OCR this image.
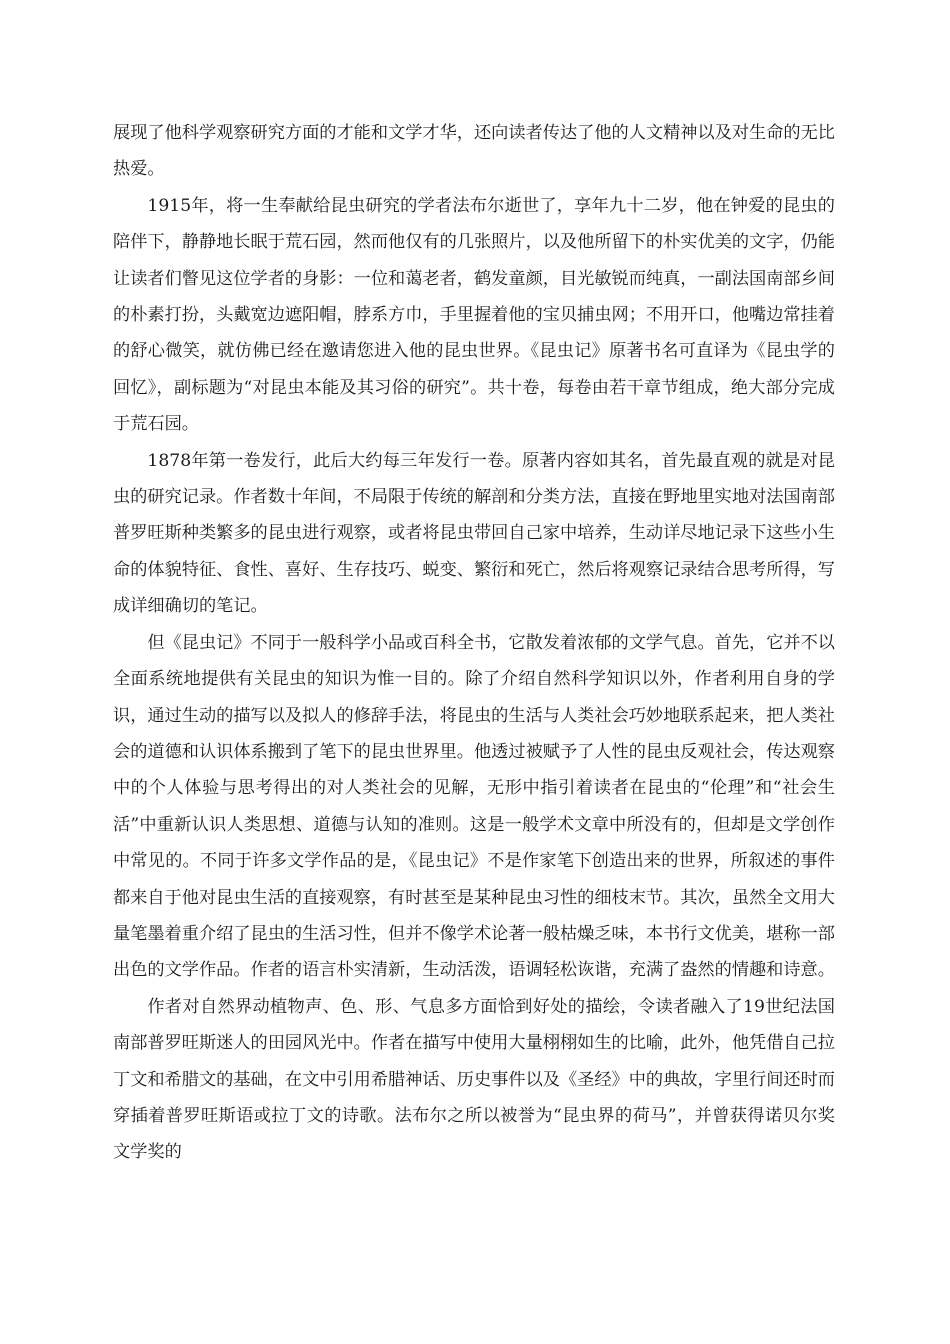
展现了他科学观察研究方面的才能和文学才华，还向读者传达了他的人文精神以及对生命的无比热爱。

1915年，将一生奉献给昆虫研究的学者法布尔逝世了，享年九十二岁，他在钟爱的昆虫的陪伴下，静静地长眠于荒石园，然而他仅有的几张照片，以及他所留下的朴实优美的文字，仍能让读者们瞥见这位学者的身影：一位和蔼老者，鹤发童颜，目光敏锐而纯真，一副法国南部乡间的朴素打扮，头戴宽边遮阳帽，脖系方巾，手里握着他的宝贝捕虫网；不用开口，他嘴边常挂着的舒心微笑，就仿佛已经在邀请您进入他的昆虫世界。《昆虫记》原著书名可直译为《昆虫学的回忆》，副标题为“对昆虫本能及其习俗的研究”。共十卷，每卷由若干章节组成，绝大部分完成于荒石园。

1878年第一卷发行，此后大约每三年发行一卷。原著内容如其名，首先最直观的就是对昆虫的研究记录。作者数十年间，不局限于传统的解剖和分类方法，直接在野地里实地对法国南部普罗旺斯种类繁多的昆虫进行观察，或者将昆虫带回自己家中培养，生动详尽地记录下这些小生命的体貌特征、食性、喜好、生存技巧、蜕变、繁衍和死亡，然后将观察记录结合思考所得，写成详细确切的笔记。

但《昆虫记》不同于一般科学小品或百科全书，它散发着浓郁的文学气息。首先，它并不以全面系统地提供有关昆虫的知识为惟一目的。除了介绍自然科学知识以外，作者利用自身的学识，通过生动的描写以及拟人的修辞手法，将昆虫的生活与人类社会巧妙地联系起来，把人类社会的道德和认识体系搬到了笔下的昆虫世界里。他透过被赋予了人性的昆虫反观社会，传达观察中的个人体验与思考得出的对人类社会的见解，无形中指引着读者在昆虫的“伦理”和“社会生活”中重新认识人类思想、道德与认知的准则。这是一般学术文章中所没有的，但却是文学创作中常见的。不同于许多文学作品的是，《昆虫记》不是作家笔下创造出来的世界，所叙述的事件都来自于他对昆虫生活的直接观察，有时甚至是某种昆虫习性的细枝末节。其次，虽然全文用大量笔墨着重介绍了昆虫的生活习性，但并不像学术论著一般枯燥乏味，本书行文优美，堪称一部出色的文学作品。作者的语言朴实清新，生动活泼，语调轻松诙谐，充满了盎然的情趣和诗意。

作者对自然界动植物声、色、形、气息多方面恰到好处的描绘，令读者融入了19世纪法国南部普罗旺斯迷人的田园风光中。作者在描写中使用大量栩栩如生的比喻，此外，他凭借自己拉丁文和希腊文的基础，在文中引用希腊神话、历史事件以及《圣经》中的典故，字里行间还时而穿插着普罗旺斯语或拉丁文的诗歌。法布尔之所以被誉为“昆虫界的荷马”，并曾获得诺贝尔奖文学奖的
